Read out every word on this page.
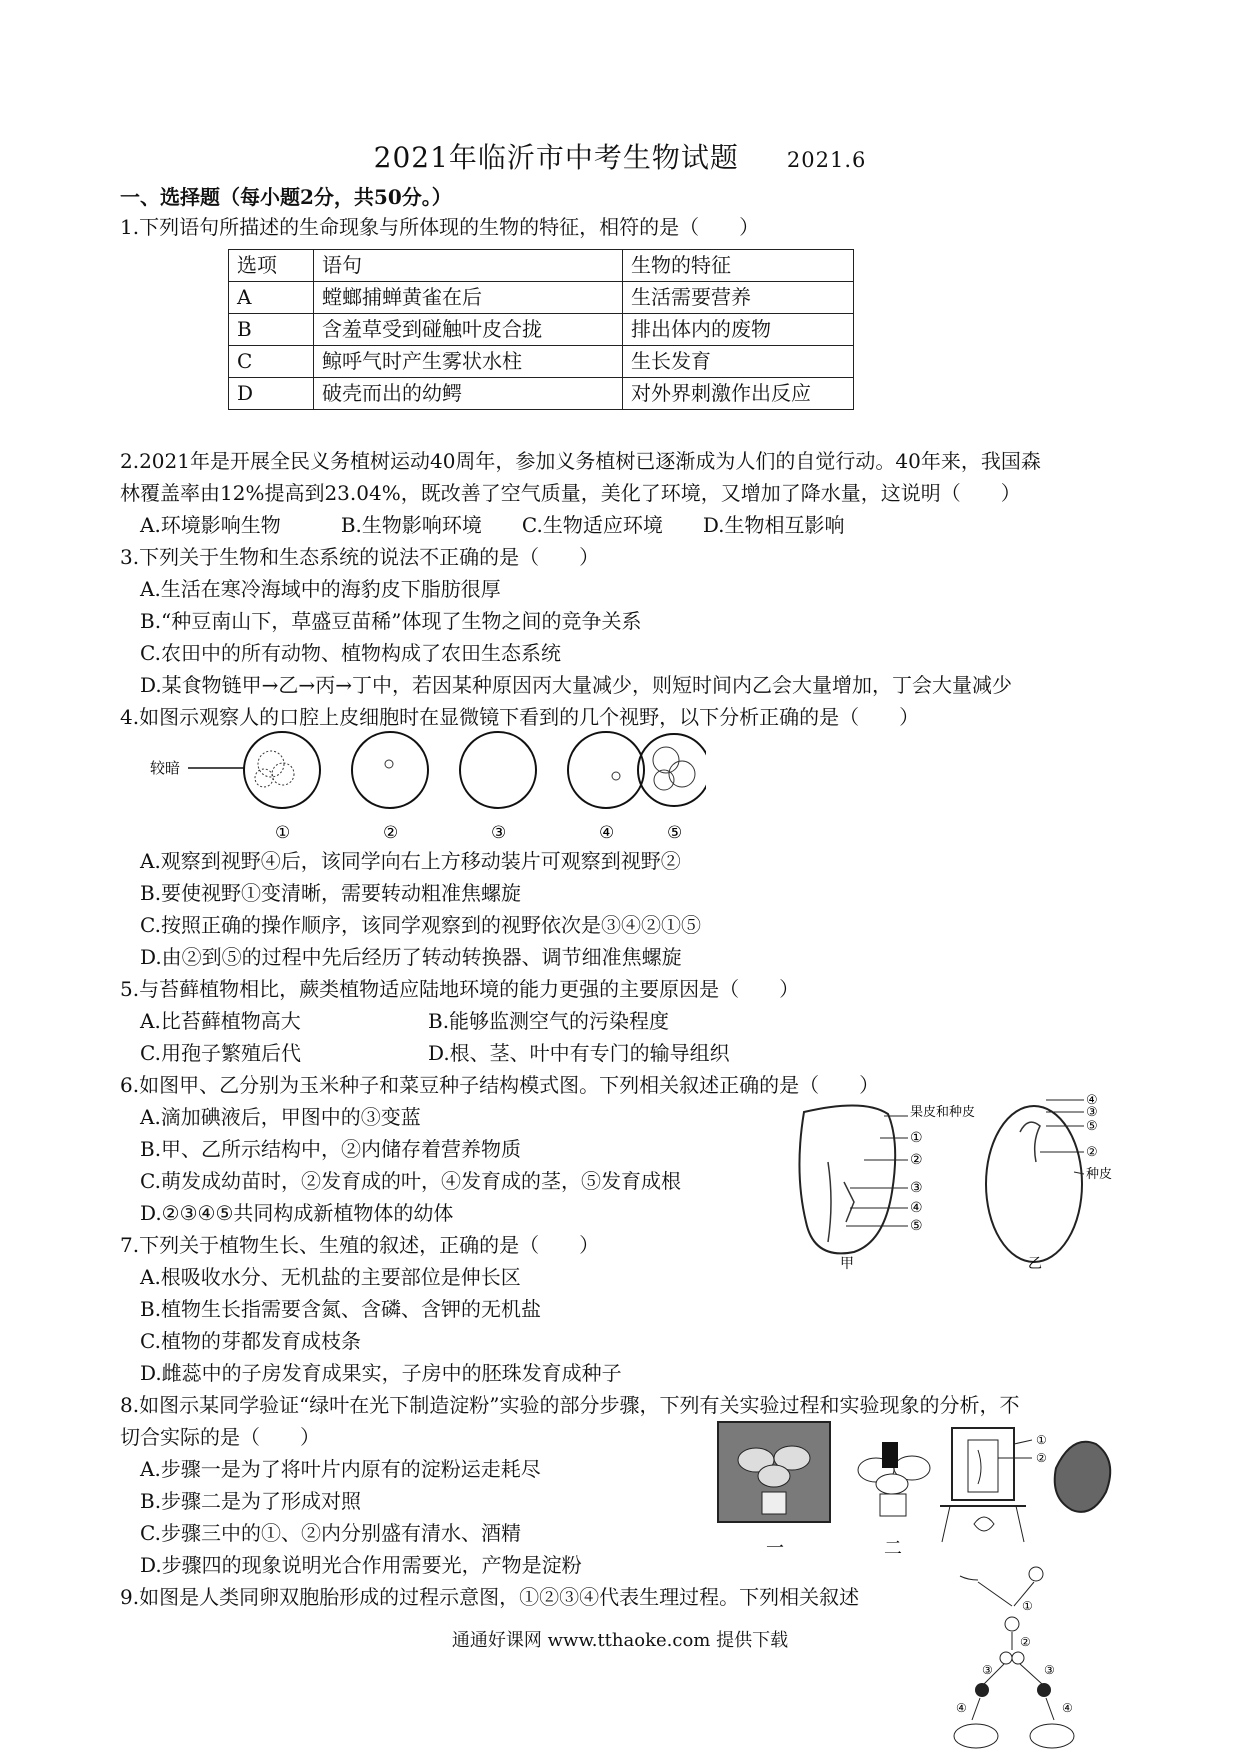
2021年临沂市中考生物试题 2021.6
一、选择题（每小题2分，共50分。）
1.下列语句所描述的生命现象与所体现的生物的特征，相符的是（　　）
选项	语句	生物的特征
A	螳螂捕蝉黄雀在后	生活需要营养
B	含羞草受到碰触叶皮合拢	排出体内的废物
C	鲸呼气时产生雾状水柱	生长发育
D	破壳而出的幼鳄	对外界刺激作出反应
2.2021年是开展全民义务植树运动40周年，参加义务植树已逐渐成为人们的自觉行动。40年来，我国森
林覆盖率由12%提高到23.04%，既改善了空气质量，美化了环境，又增加了降水量，这说明（　　）
A.环境影响生物	B.生物影响环境 C.生物适应环境 D.生物相互影响
3.下列关于生物和生态系统的说法不正确的是（　　）
A.生活在寒冷海域中的海豹皮下脂肪很厚
B.“种豆南山下，草盛豆苗稀”体现了生物之间的竞争关系
C.农田中的所有动物、植物构成了农田生态系统
D.某食物链甲→乙→丙→丁中，若因某种原因丙大量减少，则短时间内乙会大量增加，丁会大量减少
4.如图示观察人的口腔上皮细胞时在显微镜下看到的几个视野，以下分析正确的是（　　）
较暗
①	②	③	④	⑤
A.观察到视野④后，该同学向右上方移动装片可观察到视野②
B.要使视野①变清晰，需要转动粗准焦螺旋
C.按照正确的操作顺序，该同学观察到的视野依次是③④②①⑤
D.由②到⑤的过程中先后经历了转动转换器、调节细准焦螺旋
5.与苔藓植物相比，蕨类植物适应陆地环境的能力更强的主要原因是（　　）
A.比苔藓植物高大	B.能够监测空气的污染程度
C.用孢子繁殖后代	D.根、茎、叶中有专门的输导组织
6.如图甲、乙分别为玉米种子和菜豆种子结构模式图。下列相关叙述正确的是（　　）
A.滴加碘液后，甲图中的③变蓝
B.甲、乙所示结构中，②内储存着营养物质
C.萌发成幼苗时，②发育成的叶，④发育成的茎，⑤发育成根
D.②③④⑤共同构成新植物体的幼体
果皮和种皮
①
②
③
④
⑤
甲
④
③
⑤
②
种皮
乙
7.下列关于植物生长、生殖的叙述，正确的是（　　）
A.根吸收水分、无机盐的主要部位是伸长区
B.植物生长指需要含氮、含磷、含钾的无机盐
C.植物的芽都发育成枝条
D.雌蕊中的子房发育成果实，子房中的胚珠发育成种子
8.如图示某同学验证“绿叶在光下制造淀粉”实验的部分步骤，下列有关实验过程和实验现象的分析，不
切合实际的是（　　）
A.步骤一是为了将叶片内原有的淀粉运走耗尽
B.步骤二是为了形成对照
C.步骤三中的①、②内分别盛有清水、酒精
D.步骤四的现象说明光合作用需要光，产物是淀粉
①
②
一	二
9.如图是人类同卵双胞胎形成的过程示意图，①②③④代表生理过程。下列相关叙述	①
②
③	③
④	④
通通好课网 www.tthaoke.com 提供下载
